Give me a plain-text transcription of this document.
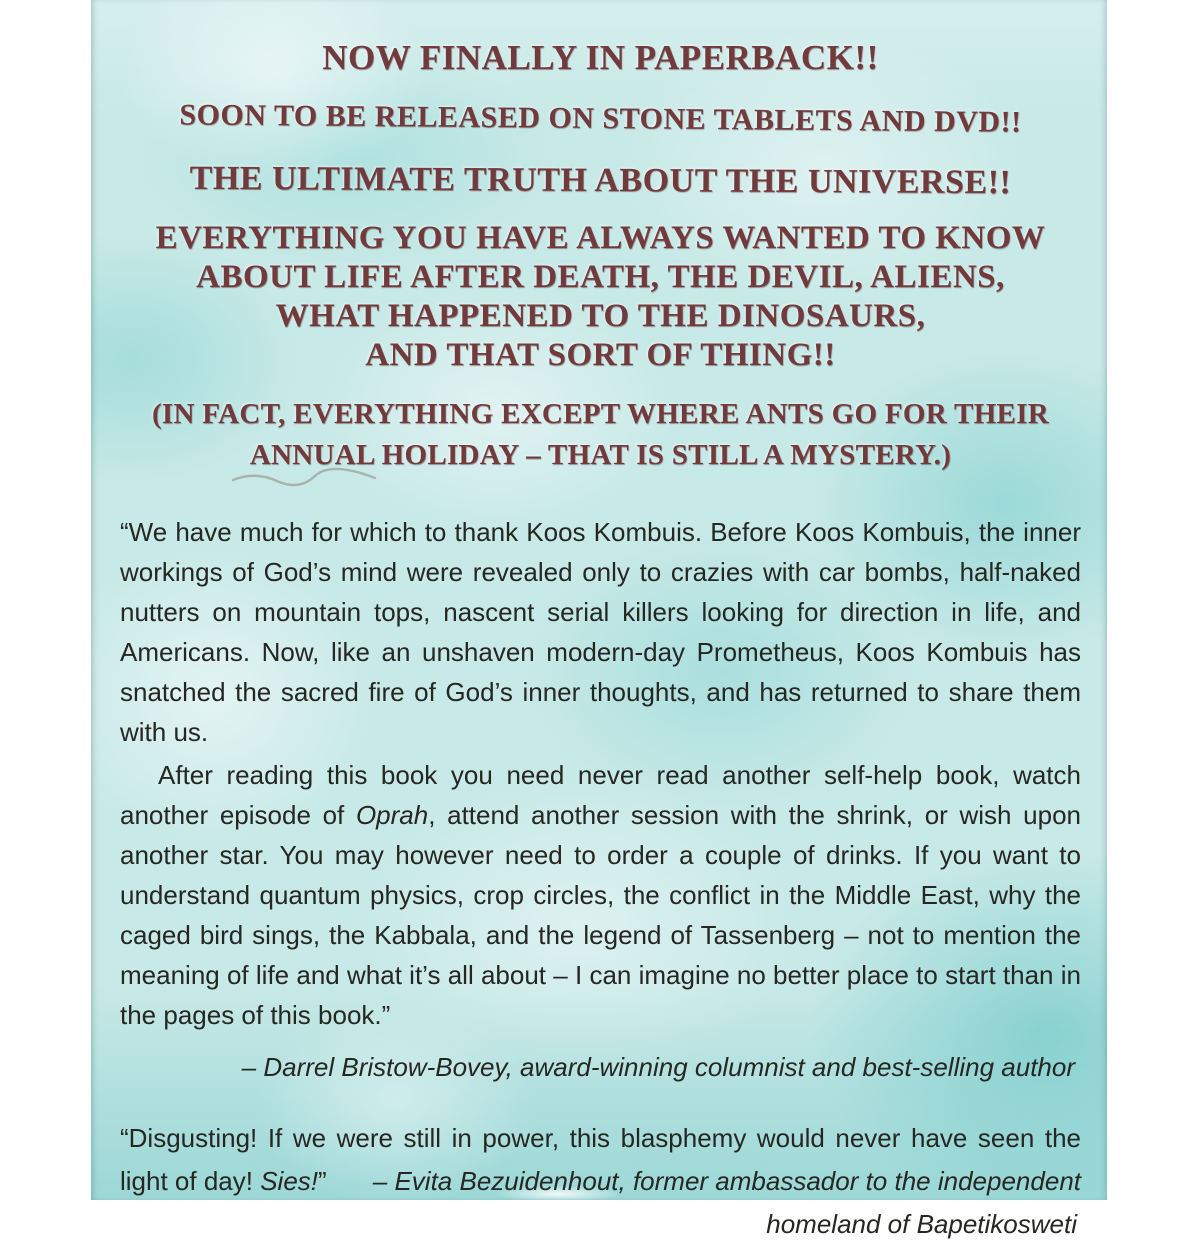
NOW FINALLY IN PAPERBACK!!
SOON TO BE RELEASED ON STONE TABLETS AND DVD!!
THE ULTIMATE TRUTH ABOUT THE UNIVERSE!!
EVERYTHING YOU HAVE ALWAYS WANTED TO KNOW
ABOUT LIFE AFTER DEATH, THE DEVIL, ALIENS,
WHAT HAPPENED TO THE DINOSAURS,
AND THAT SORT OF THING!!
(IN FACT, EVERYTHING EXCEPT WHERE ANTS GO FOR THEIR
ANNUAL HOLIDAY – THAT IS STILL A MYSTERY.)

“We have much for which to thank Koos Kombuis. Before Koos Kombuis, the inner workings of God’s mind were revealed only to crazies with car bombs, half-naked nutters on mountain tops, nascent serial killers looking for direction in life, and Americans. Now, like an unshaven modern-day Prometheus, Koos Kombuis has snatched the sacred fire of God’s inner thoughts, and has returned to share them with us.

After reading this book you need never read another self-help book, watch another episode of Oprah, attend another session with the shrink, or wish upon another star. You may however need to order a couple of drinks. If you want to understand quantum physics, crop circles, the conflict in the Middle East, why the caged bird sings, the Kabbala, and the legend of Tassenberg – not to mention the meaning of life and what it’s all about – I can imagine no better place to start than in the pages of this book.”

– Darrel Bristow-Bovey, award-winning columnist and best-selling author
“Disgusting! If we were still in power, this blasphemy would never have seen the
light of day! Sies!” – Evita Bezuidenhout, former ambassador to the independent
homeland of Bapetikosweti
